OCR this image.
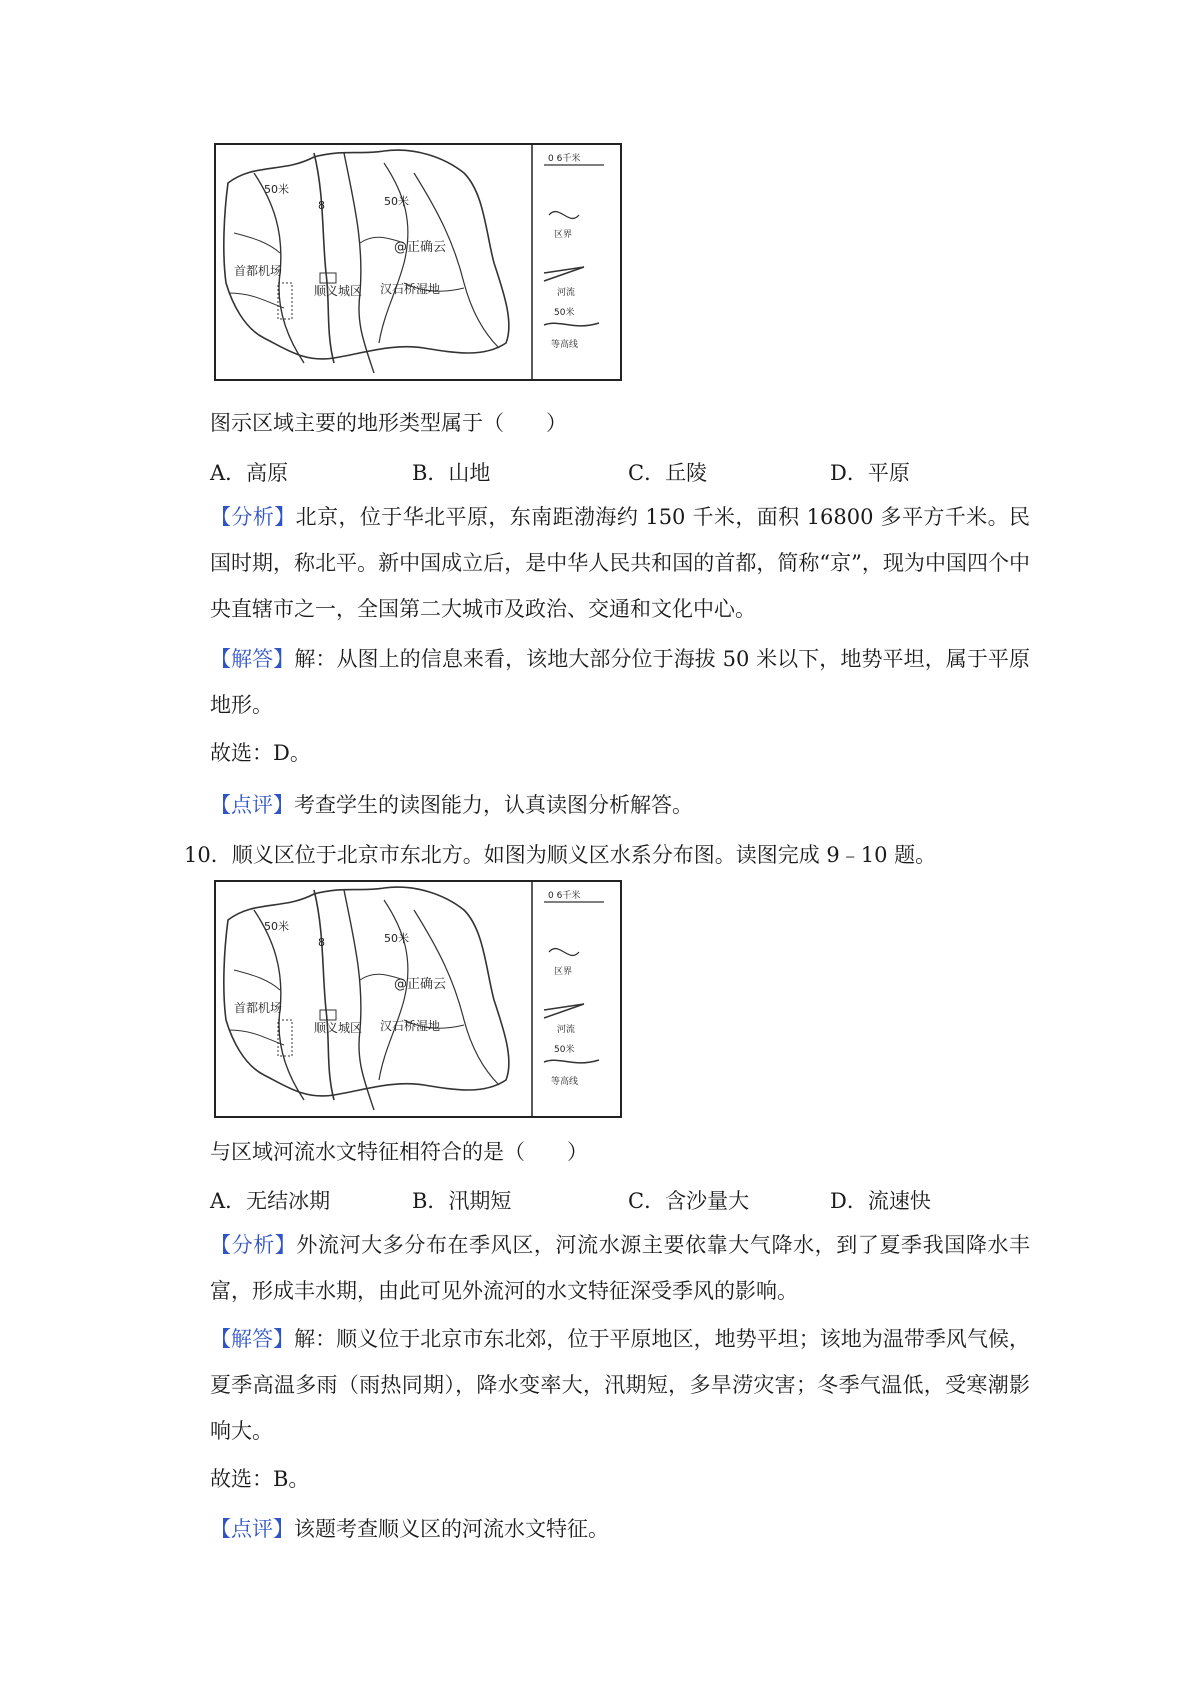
0 6千米
区界
河流
50米
等高线
50米
50米
8
@正确云
首都机场
顺义城区 汉石桥湿地
图示区域主要的地形类型属于（　　）
A．高原	B．山地	C．丘陵	D．平原
【分析】北京，位于华北平原，东南距渤海约 150 千米，面积 16800 多平方千米。民国时期，称北平。新中国成立后，是中华人民共和国的首都，简称“京”，现为中国四个中央直辖市之一，全国第二大城市及政治、交通和文化中心。
【解答】解：从图上的信息来看，该地大部分位于海拔 50 米以下，地势平坦，属于平原地形。
故选：D。
【点评】考查学生的读图能力，认真读图分析解答。
10．顺义区位于北京市东北方。如图为顺义区水系分布图。读图完成 9﹣10 题。
0 6千米
区界
河流
50米
等高线
50米
50米
8
@正确云
首都机场
顺义城区 汉石桥湿地
与区域河流水文特征相符合的是（　　）
A．无结冰期	B．汛期短	C．含沙量大	D．流速快
【分析】外流河大多分布在季风区，河流水源主要依靠大气降水，到了夏季我国降水丰富，形成丰水期，由此可见外流河的水文特征深受季风的影响。
【解答】解：顺义位于北京市东北郊，位于平原地区，地势平坦；该地为温带季风气候，夏季高温多雨（雨热同期），降水变率大，汛期短，多旱涝灾害；冬季气温低，受寒潮影响大。
故选：B。
【点评】该题考查顺义区的河流水文特征。
